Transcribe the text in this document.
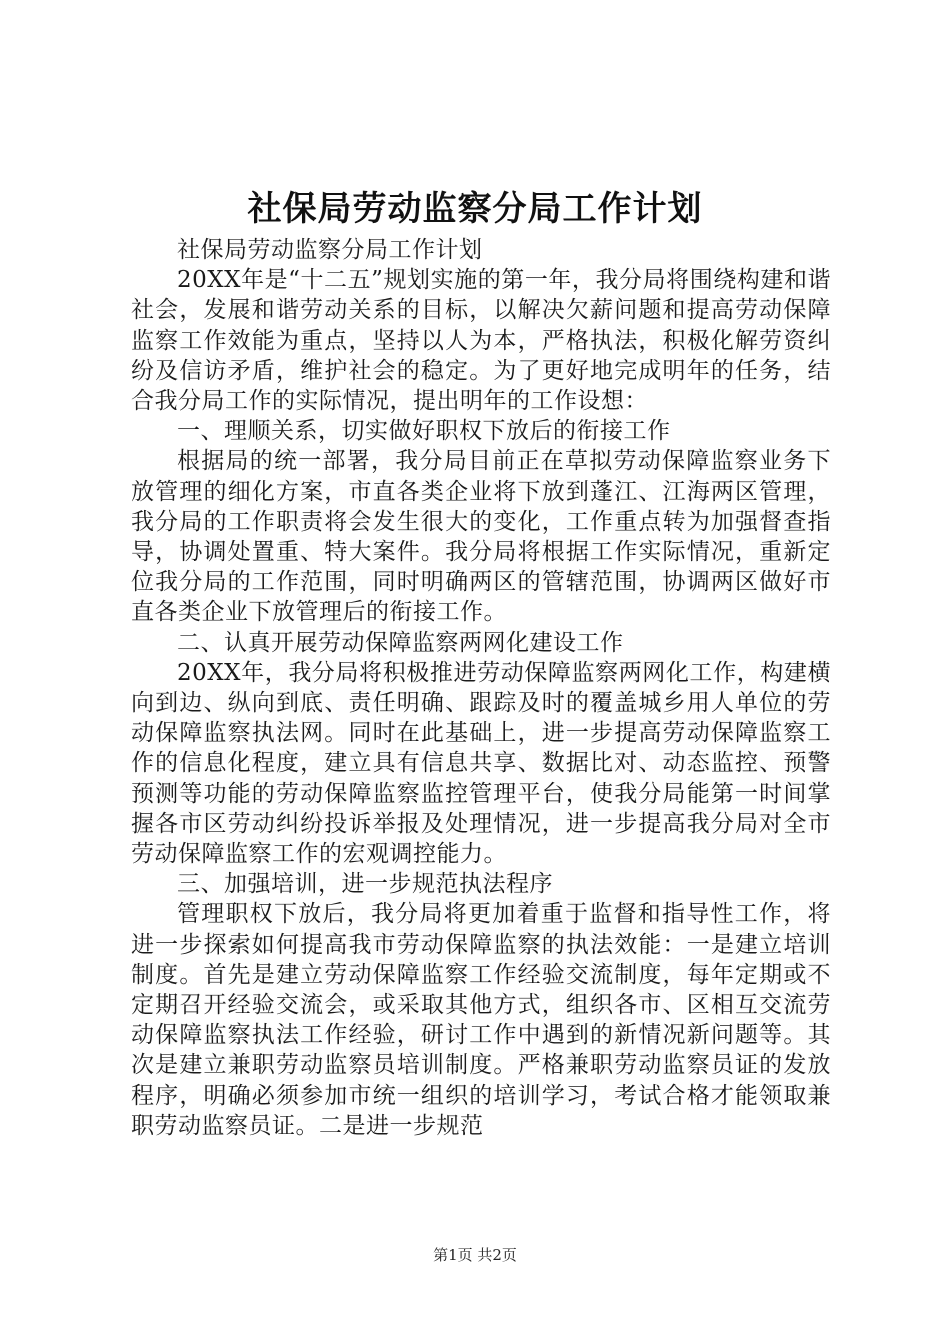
社保局劳动监察分局工作计划

社保局劳动监察分局工作计划

20XX年是“十二五”规划实施的第一年，我分局将围绕构建和谐社会，发展和谐劳动关系的目标，以解决欠薪问题和提高劳动保障监察工作效能为重点，坚持以人为本，严格执法，积极化解劳资纠纷及信访矛盾，维护社会的稳定。为了更好地完成明年的任务，结合我分局工作的实际情况，提出明年的工作设想：

一、理顺关系，切实做好职权下放后的衔接工作

根据局的统一部署，我分局目前正在草拟劳动保障监察业务下放管理的细化方案，市直各类企业将下放到蓬江、江海两区管理，我分局的工作职责将会发生很大的变化，工作重点转为加强督查指导，协调处置重、特大案件。我分局将根据工作实际情况，重新定位我分局的工作范围，同时明确两区的管辖范围，协调两区做好市直各类企业下放管理后的衔接工作。

二、认真开展劳动保障监察两网化建设工作

20XX年，我分局将积极推进劳动保障监察两网化工作，构建横向到边、纵向到底、责任明确、跟踪及时的覆盖城乡用人单位的劳动保障监察执法网。同时在此基础上，进一步提高劳动保障监察工作的信息化程度，建立具有信息共享、数据比对、动态监控、预警预测等功能的劳动保障监察监控管理平台，使我分局能第一时间掌握各市区劳动纠纷投诉举报及处理情况，进一步提高我分局对全市劳动保障监察工作的宏观调控能力。

三、加强培训，进一步规范执法程序

管理职权下放后，我分局将更加着重于监督和指导性工作，将进一步探索如何提高我市劳动保障监察的执法效能：一是建立培训制度。首先是建立劳动保障监察工作经验交流制度，每年定期或不定期召开经验交流会，或采取其他方式，组织各市、区相互交流劳动保障监察执法工作经验，研讨工作中遇到的新情况新问题等。其次是建立兼职劳动监察员培训制度。严格兼职劳动监察员证的发放程序，明确必须参加市统一组织的培训学习，考试合格才能领取兼职劳动监察员证。二是进一步规范

第1页 共2页
